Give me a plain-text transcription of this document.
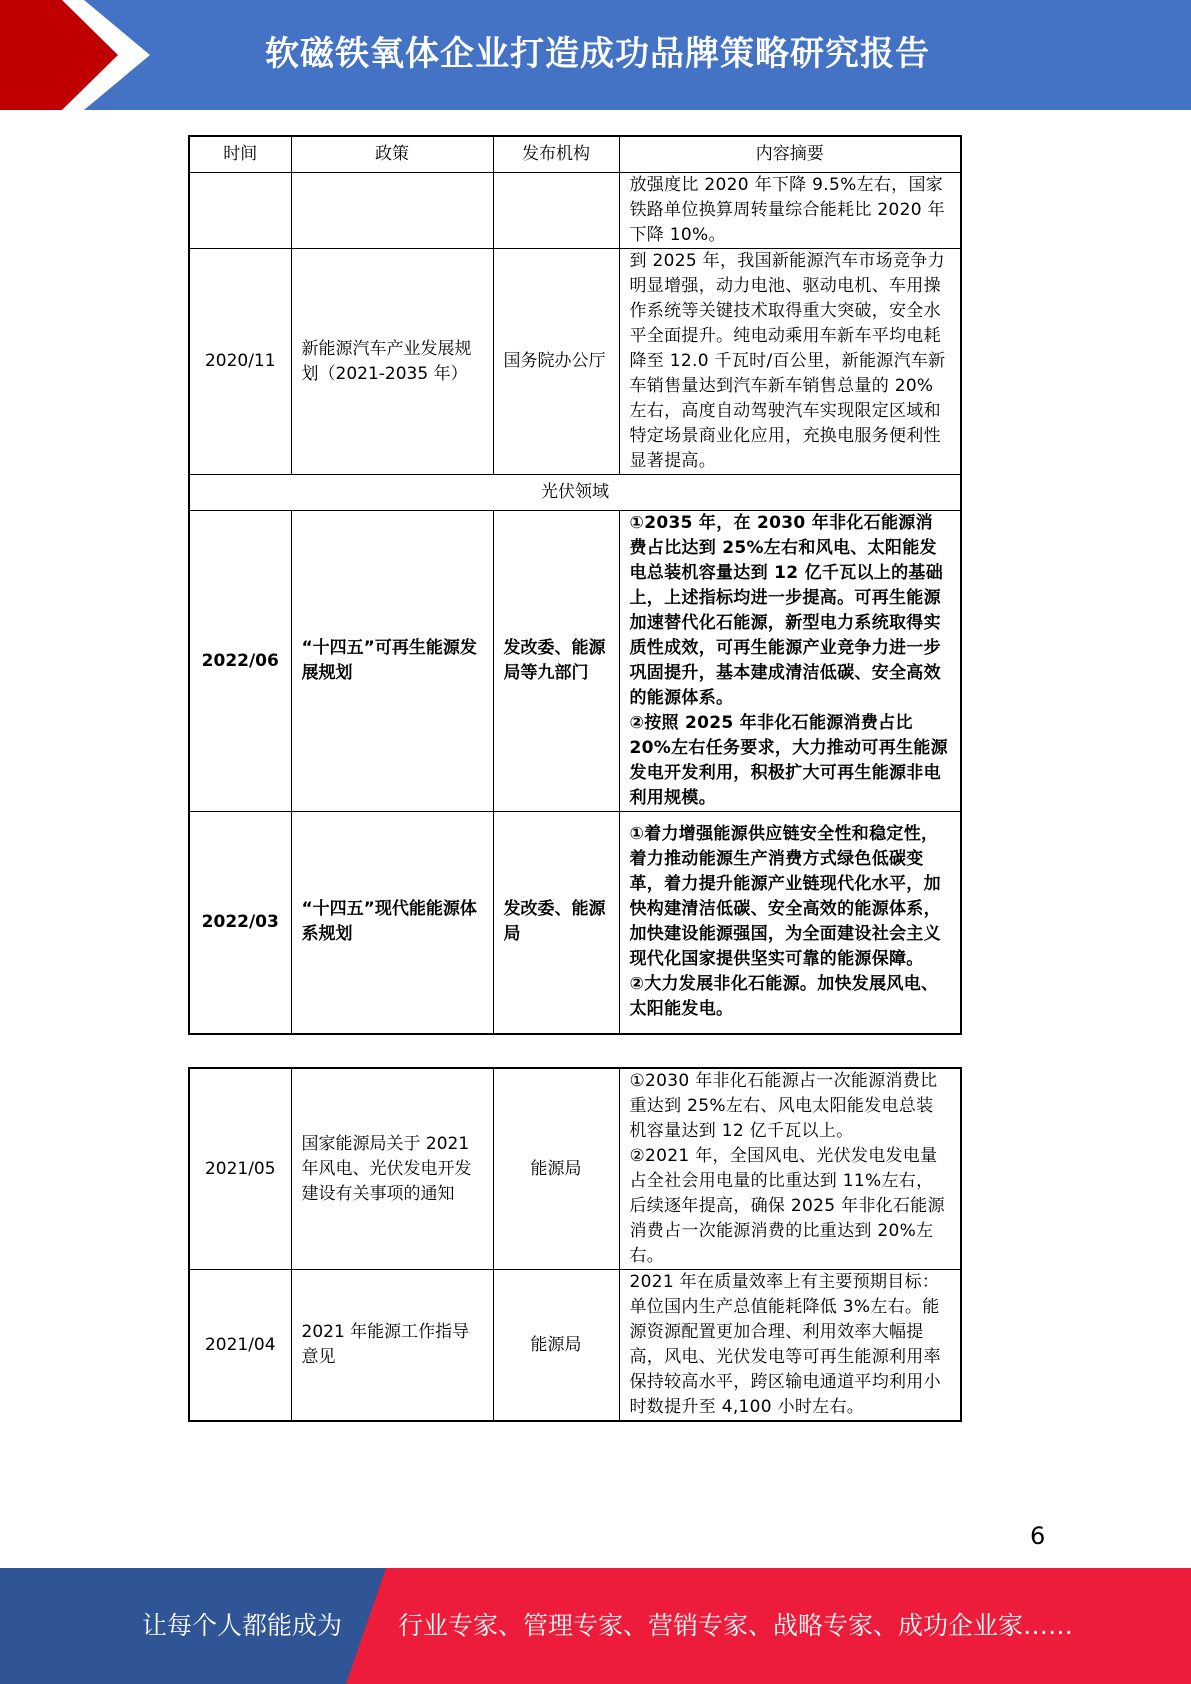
软磁铁氧体企业打造成功品牌策略研究报告
时间	政策	发布机构	内容摘要
			放强度比 2020 年下降 9.5%左右，国家铁路单位换算周转量综合能耗比 2020 年下降 10%。
2020/11	新能源汽车产业发展规划（2021-2035 年）	国务院办公厅	到 2025 年，我国新能源汽车市场竞争力明显增强，动力电池、驱动电机、车用操作系统等关键技术取得重大突破，安全水平全面提升。纯电动乘用车新车平均电耗降至 12.0 千瓦时/百公里，新能源汽车新车销售量达到汽车新车销售总量的 20%左右，高度自动驾驶汽车实现限定区域和特定场景商业化应用，充换电服务便利性显著提高。
光伏领域			
2022/06	“十四五”可再生能源发展规划	发改委、能源局等九部门	①2035 年，在 2030 年非化石能源消费占比达到 25%左右和风电、太阳能发电总装机容量达到 12 亿千瓦以上的基础上，上述指标均进一步提高。可再生能源加速替代化石能源，新型电力系统取得实质性成效，可再生能源产业竞争力进一步巩固提升，基本建成清洁低碳、安全高效的能源体系。
②按照 2025 年非化石能源消费占比 20%左右任务要求，大力推动可再生能源发电开发利用，积极扩大可再生能源非电利用规模。
2022/03	“十四五”现代能能源体系规划	发改委、能源局	①着力增强能源供应链安全性和稳定性，着力推动能源生产消费方式绿色低碳变革，着力提升能源产业链现代化水平，加快构建清洁低碳、安全高效的能源体系，加快建设能源强国，为全面建设社会主义现代化国家提供坚实可靠的能源保障。
②大力发展非化石能源。加快发展风电、太阳能发电。
2021/05	国家能源局关于 2021 年风电、光伏发电开发建设有关事项的通知	能源局	①2030 年非化石能源占一次能源消费比重达到 25%左右、风电太阳能发电总装机容量达到 12 亿千瓦以上。
②2021 年，全国风电、光伏发电发电量占全社会用电量的比重达到 11%左右，后续逐年提高，确保 2025 年非化石能源消费占一次能源消费的比重达到 20%左右。
2021/04	2021 年能源工作指导意见	能源局	2021 年在质量效率上有主要预期目标：单位国内生产总值能耗降低 3%左右。能源资源配置更加合理、利用效率大幅提高，风电、光伏发电等可再生能源利用率保持较高水平，跨区输电通道平均利用小时数提升至 4,100 小时左右。
6
让每个人都能成为 行业专家、管理专家、营销专家、战略专家、成功企业家……
